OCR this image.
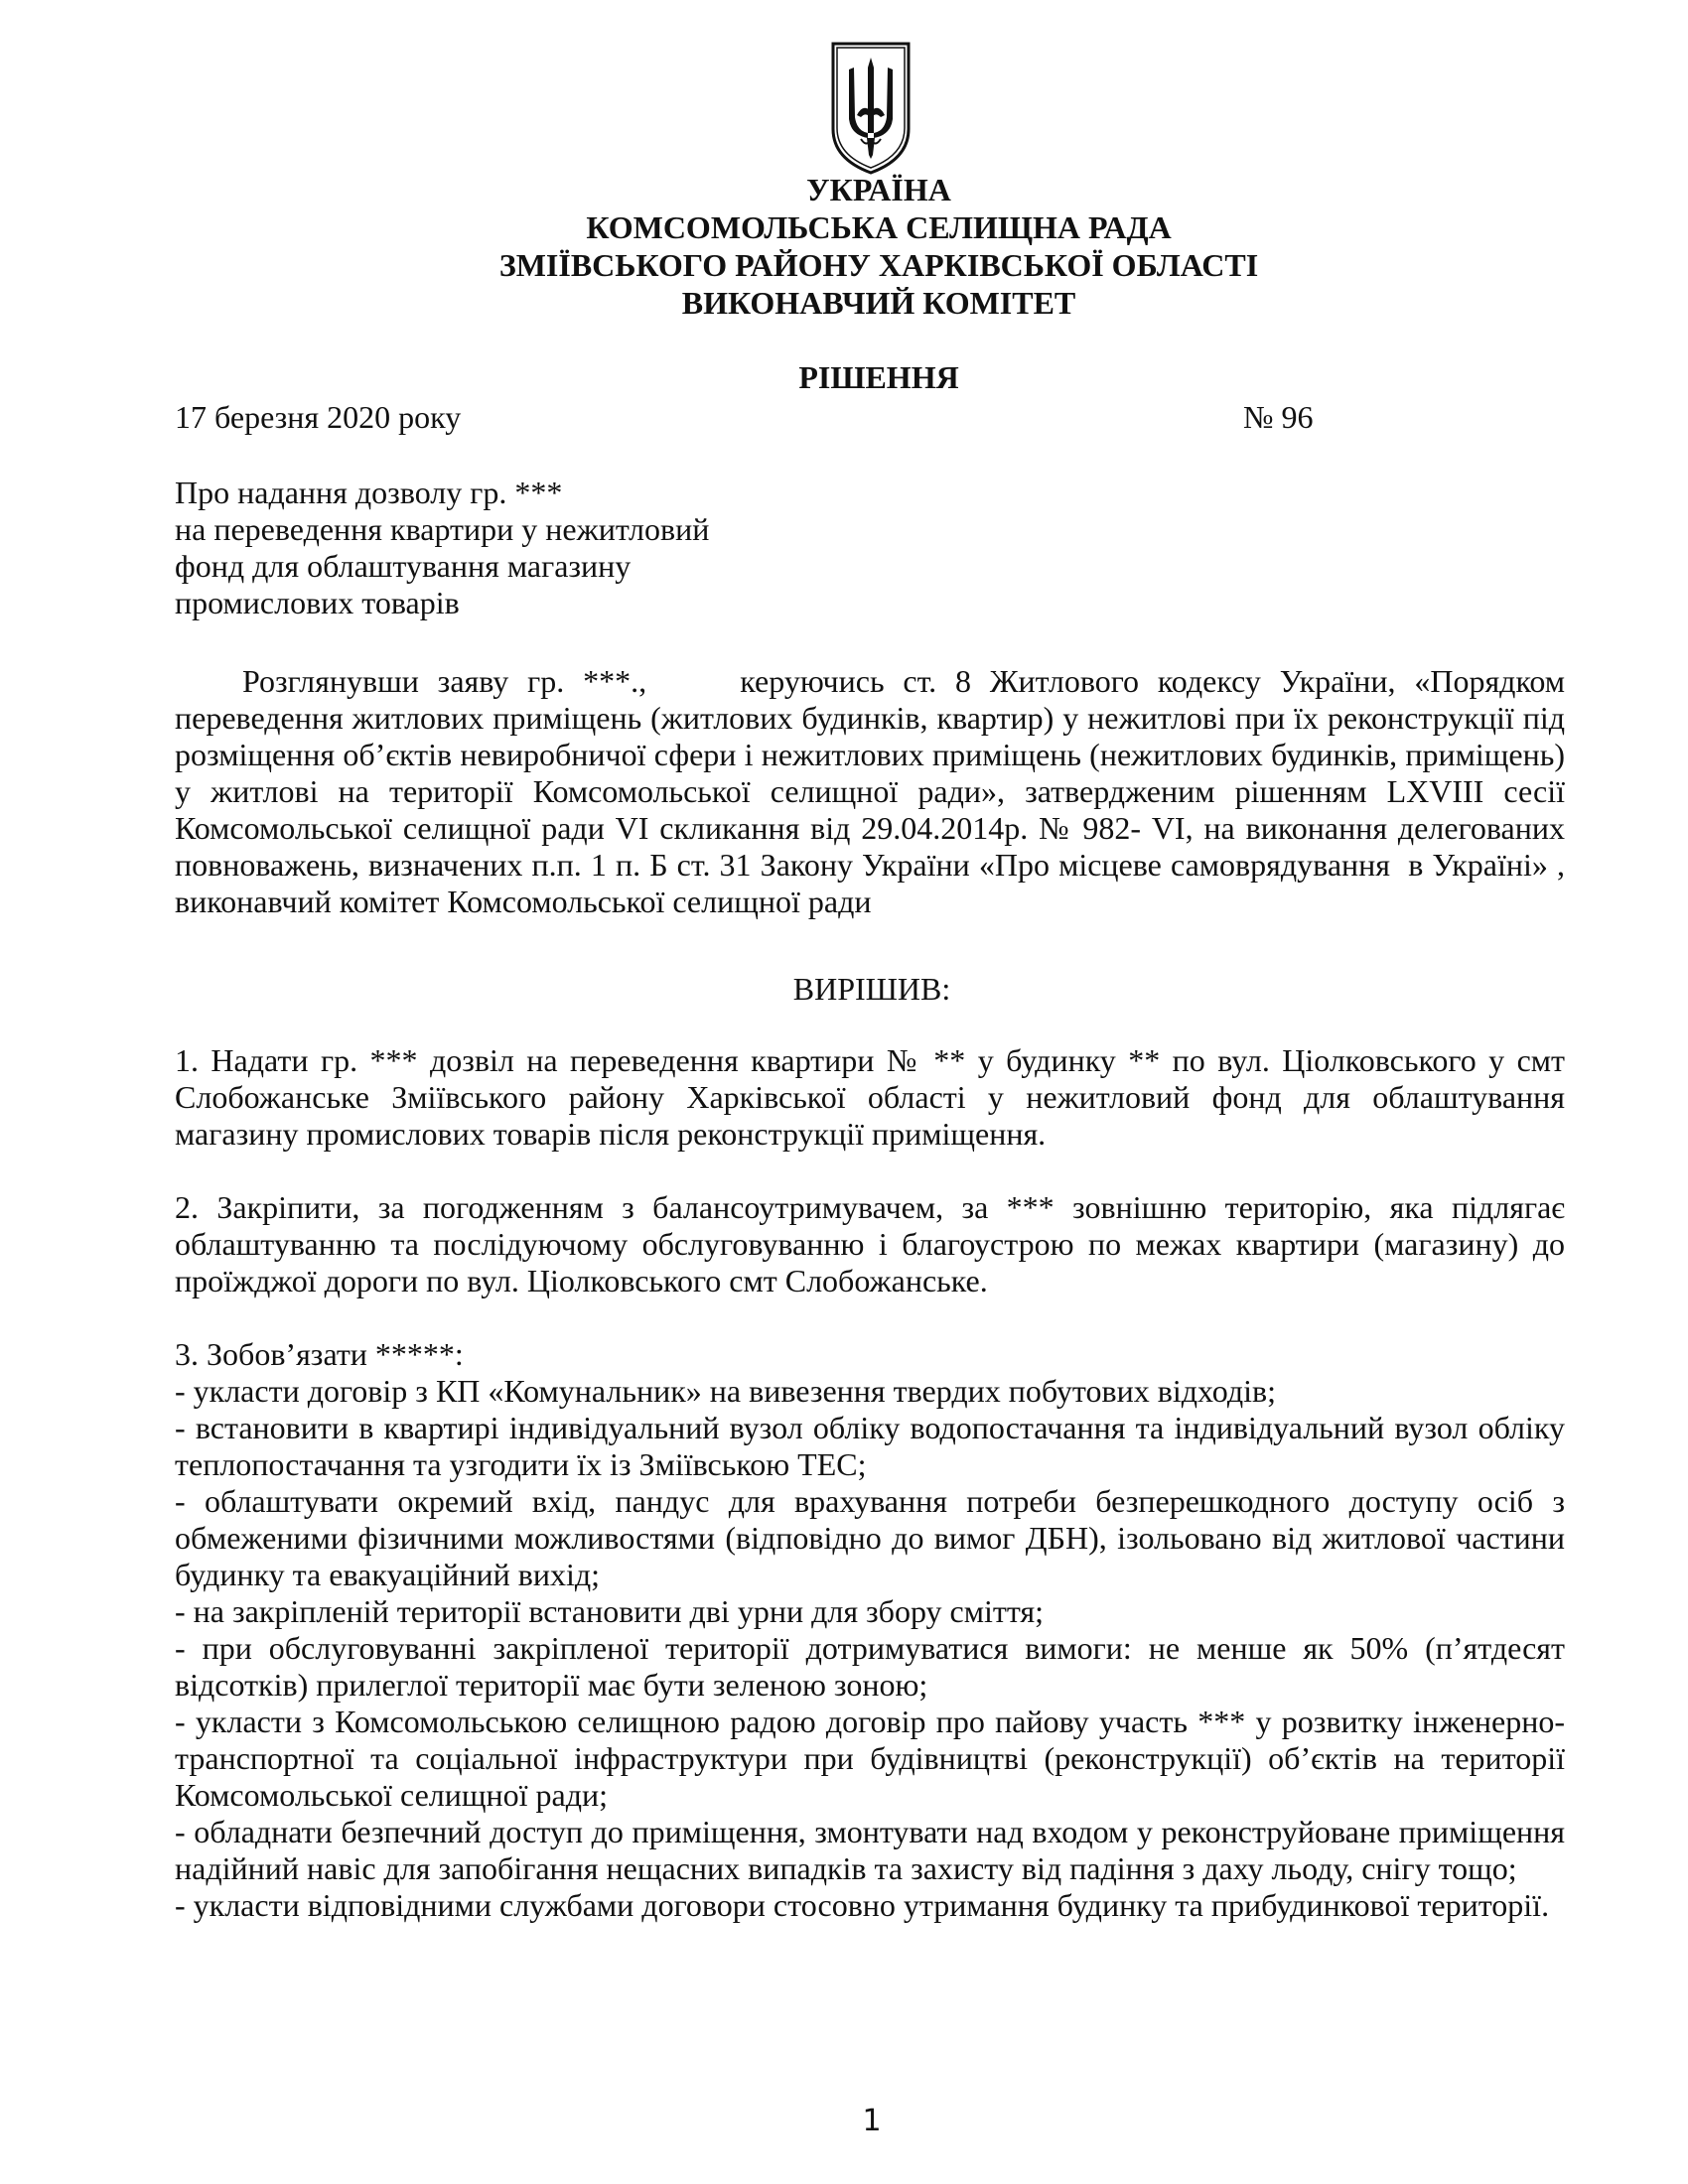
УКРАЇНА
КОМСОМОЛЬСЬКА СЕЛИЩНА РАДА
ЗМІЇВСЬКОГО РАЙОНУ ХАРКІВСЬКОЇ ОБЛАСТІ
ВИКОНАВЧИЙ КОМІТЕТ
РІШЕННЯ
17 березня 2020 року	№ 96
Про надання дозволу гр. ***
на переведення квартири у нежитловий
фонд для облаштування магазину
промислових товарів
Розглянувши заяву гр. ***.,     керуючись ст. 8 Житлового кодексу України, «Порядком переведення житлових приміщень (житлових будинків, квартир) у нежитлові при їх реконструкції під розміщення об’єктів невиробничої сфери і нежитлових приміщень (нежитлових будинків, приміщень) у житлові на території Комсомольської селищної ради», затвердженим рішенням LXVIII сесії Комсомольської селищної ради VI скликання від 29.04.2014р. № 982- VI, на виконання делегованих повноважень, визначених п.п. 1 п. Б ст. 31 Закону України «Про місцеве самоврядування  в Україні» , виконавчий комітет Комсомольської селищної ради
ВИРІШИВ:

1. Надати гр. *** дозвіл на переведення квартири № ** у будинку ** по вул. Ціолковського у смт Слобожанське Зміївського району Харківської області у нежитловий фонд для облаштування магазину промислових товарів після реконструкції приміщення.

2. Закріпити, за погодженням з балансоутримувачем, за *** зовнішню територію, яка підлягає облаштуванню та послідуючому обслуговуванню і благоустрою по межах квартири (магазину) до проїжджої дороги по вул. Ціолковського смт Слобожанське.

3. Зобов’язати *****:

- укласти договір з КП «Комунальник» на вивезення твердих побутових відходів;

- встановити в квартирі індивідуальний вузол обліку водопостачання та індивідуальний вузол обліку теплопостачання та узгодити їх із Зміївською ТЕС;

- облаштувати окремий вхід, пандус для врахування потреби безперешкодного доступу осіб з обмеженими фізичними можливостями (відповідно до вимог ДБН), ізольовано від житлової частини будинку та евакуаційний вихід;

- на закріпленій території встановити дві урни для збору сміття;

- при обслуговуванні закріпленої території дотримуватися вимоги: не менше як 50% (п’ятдесят відсотків) прилеглої території має бути зеленою зоною;

- укласти з Комсомольською селищною радою договір про пайову участь *** у розвитку інженерно-транспортної та соціальної інфраструктури при будівництві (реконструкції) об’єктів на території Комсомольської селищної ради;

- обладнати безпечний доступ до приміщення, змонтувати над входом у реконструйоване приміщення надійний навіс для запобігання нещасних випадків та захисту від падіння з даху льоду, снігу тощо;

- укласти відповідними службами договори стосовно утримання будинку та прибудинкової території.

1
